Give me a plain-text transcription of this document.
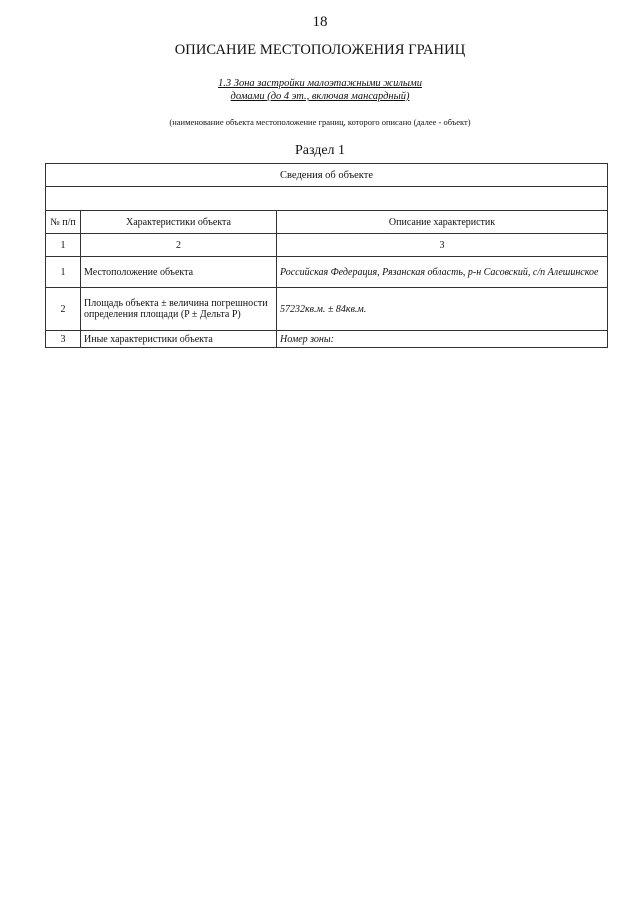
18
ОПИСАНИЕ МЕСТОПОЛОЖЕНИЯ ГРАНИЦ
1.3 Зона застройки малоэтажными жилыми
домами (до 4 эт., включая мансардный)
(наименование объекта местоположение границ, которого описано (далее - объект)
Раздел 1
Сведения об объекте		

№ п/п	Характеристики объекта	Описание характеристик
1	2	3
1	Местоположение объекта	Российская Федерация, Рязанская область, р-н Сасовский, с/п Алешинское
2	Площадь объекта ± величина погрешности определения площади (P ± Дельта P)	57232кв.м. ± 84кв.м.
3	Иные характеристики объекта	Номер зоны:
